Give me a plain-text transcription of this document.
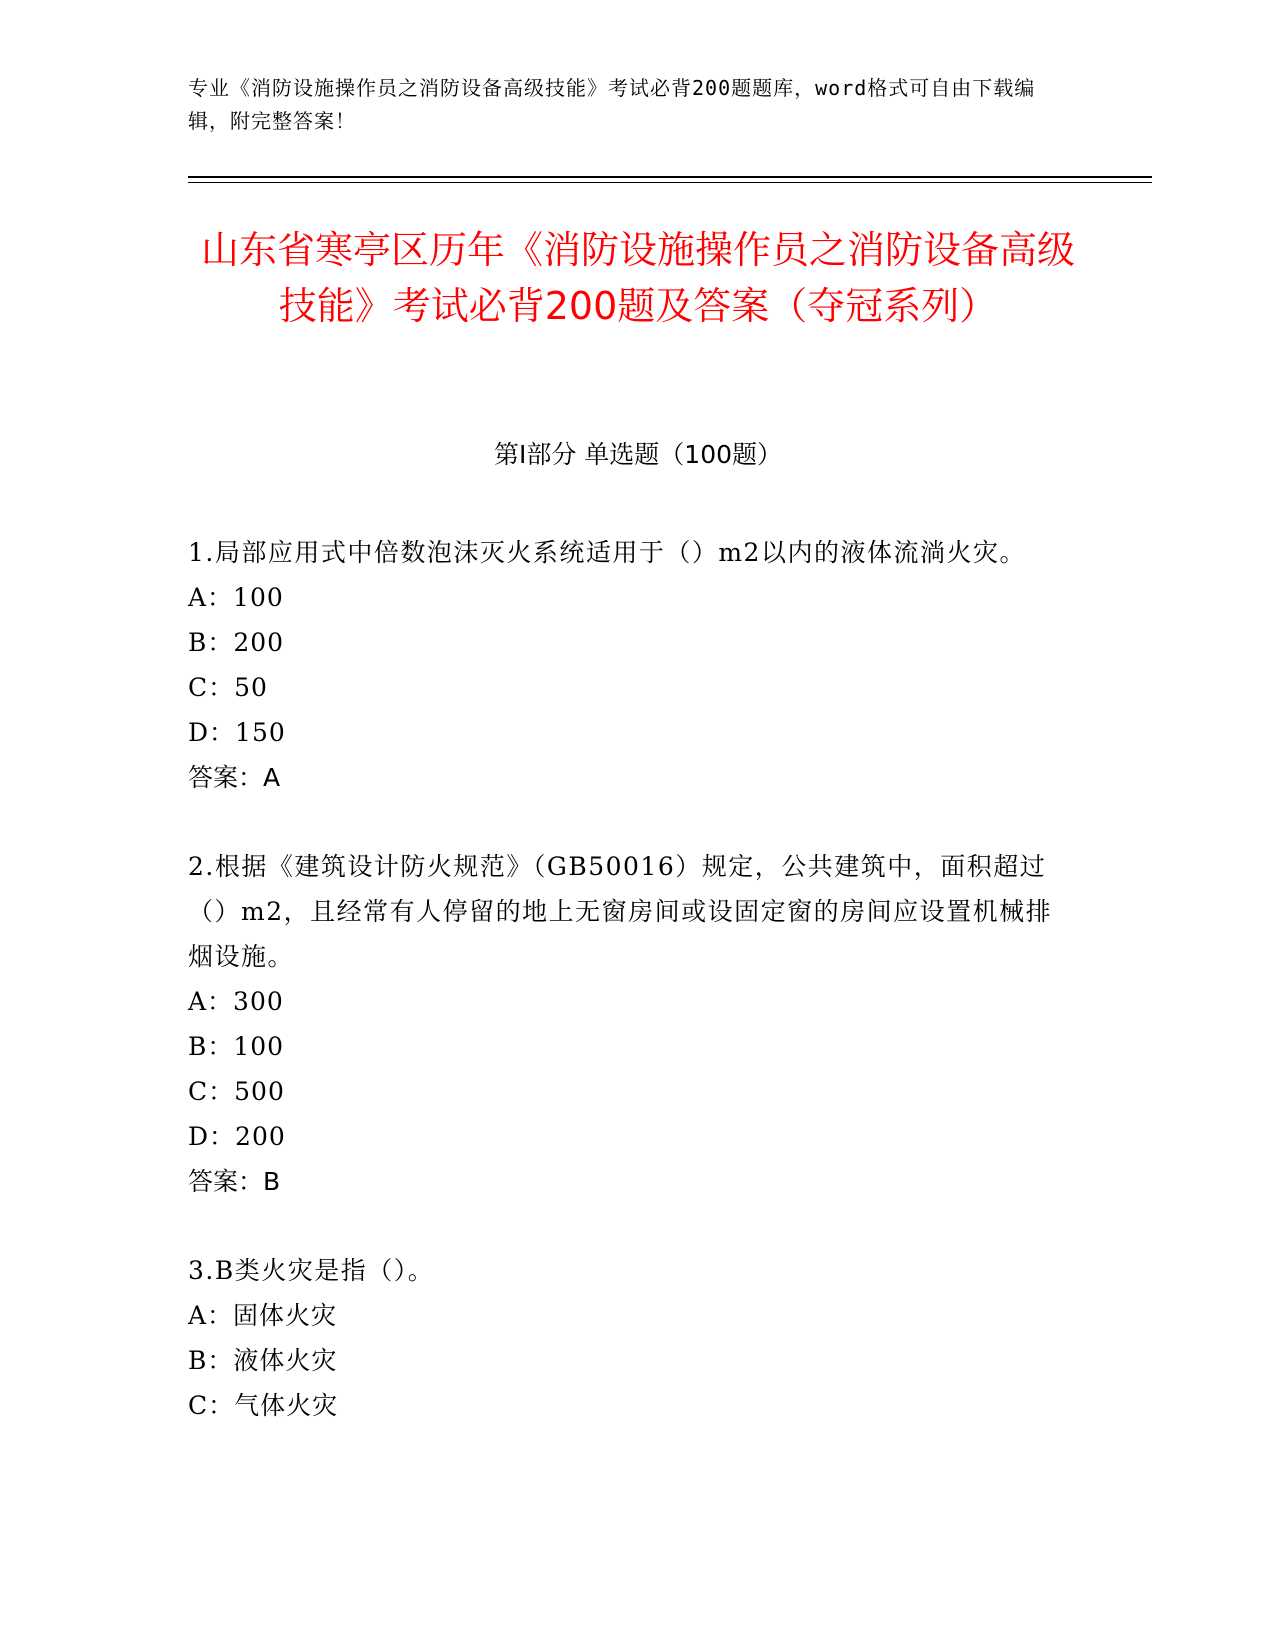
专业《消防设施操作员之消防设备高级技能》考试必背200题题库，word格式可自由下载编辑，附完整答案！
山东省寒亭区历年《消防设施操作员之消防设备高级技能》考试必背200题及答案（夺冠系列）
第I部分 单选题（100题）
1.局部应用式中倍数泡沫灭火系统适用于（）m2以内的液体流淌火灾。
A：100
B：200
C：50
D：150
答案：A
2.根据《建筑设计防火规范》（GB50016）规定，公共建筑中，面积超过（）m2，且经常有人停留的地上无窗房间或设固定窗的房间应设置机械排烟设施。
A：300
B：100
C：500
D：200
答案：B
3.B类火灾是指（）。
A：固体火灾
B：液体火灾
C：气体火灾
